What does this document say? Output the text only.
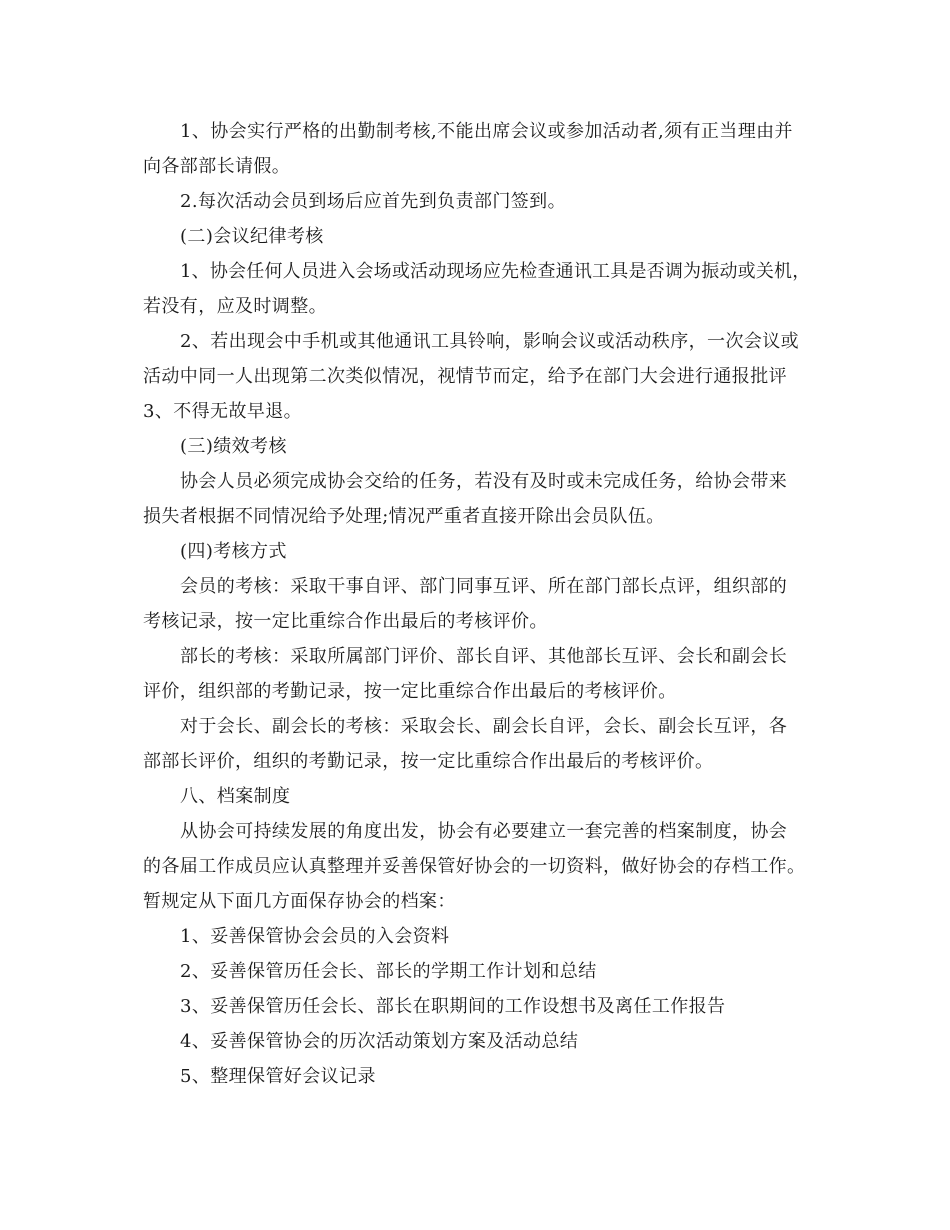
1、协会实行严格的出勤制考核,不能出席会议或参加活动者,须有正当理由并
向各部部长请假。
2.每次活动会员到场后应首先到负责部门签到。
(二)会议纪律考核
1、协会任何人员进入会场或活动现场应先检查通讯工具是否调为振动或关机，
若没有，应及时调整。
2、若出现会中手机或其他通讯工具铃响，影响会议或活动秩序，一次会议或
活动中同一人出现第二次类似情况，视情节而定，给予在部门大会进行通报批评
3、不得无故早退。
(三)绩效考核
协会人员必须完成协会交给的任务，若没有及时或未完成任务，给协会带来
损失者根据不同情况给予处理;情况严重者直接开除出会员队伍。
(四)考核方式
会员的考核：采取干事自评、部门同事互评、所在部门部长点评，组织部的
考核记录，按一定比重综合作出最后的考核评价。
部长的考核：采取所属部门评价、部长自评、其他部长互评、会长和副会长
评价，组织部的考勤记录，按一定比重综合作出最后的考核评价。
对于会长、副会长的考核：采取会长、副会长自评，会长、副会长互评，各
部部长评价，组织的考勤记录，按一定比重综合作出最后的考核评价。
八、档案制度
从协会可持续发展的角度出发，协会有必要建立一套完善的档案制度，协会
的各届工作成员应认真整理并妥善保管好协会的一切资料，做好协会的存档工作。
暂规定从下面几方面保存协会的档案：
1、妥善保管协会会员的入会资料
2、妥善保管历任会长、部长的学期工作计划和总结
3、妥善保管历任会长、部长在职期间的工作设想书及离任工作报告
4、妥善保管协会的历次活动策划方案及活动总结
5、整理保管好会议记录
